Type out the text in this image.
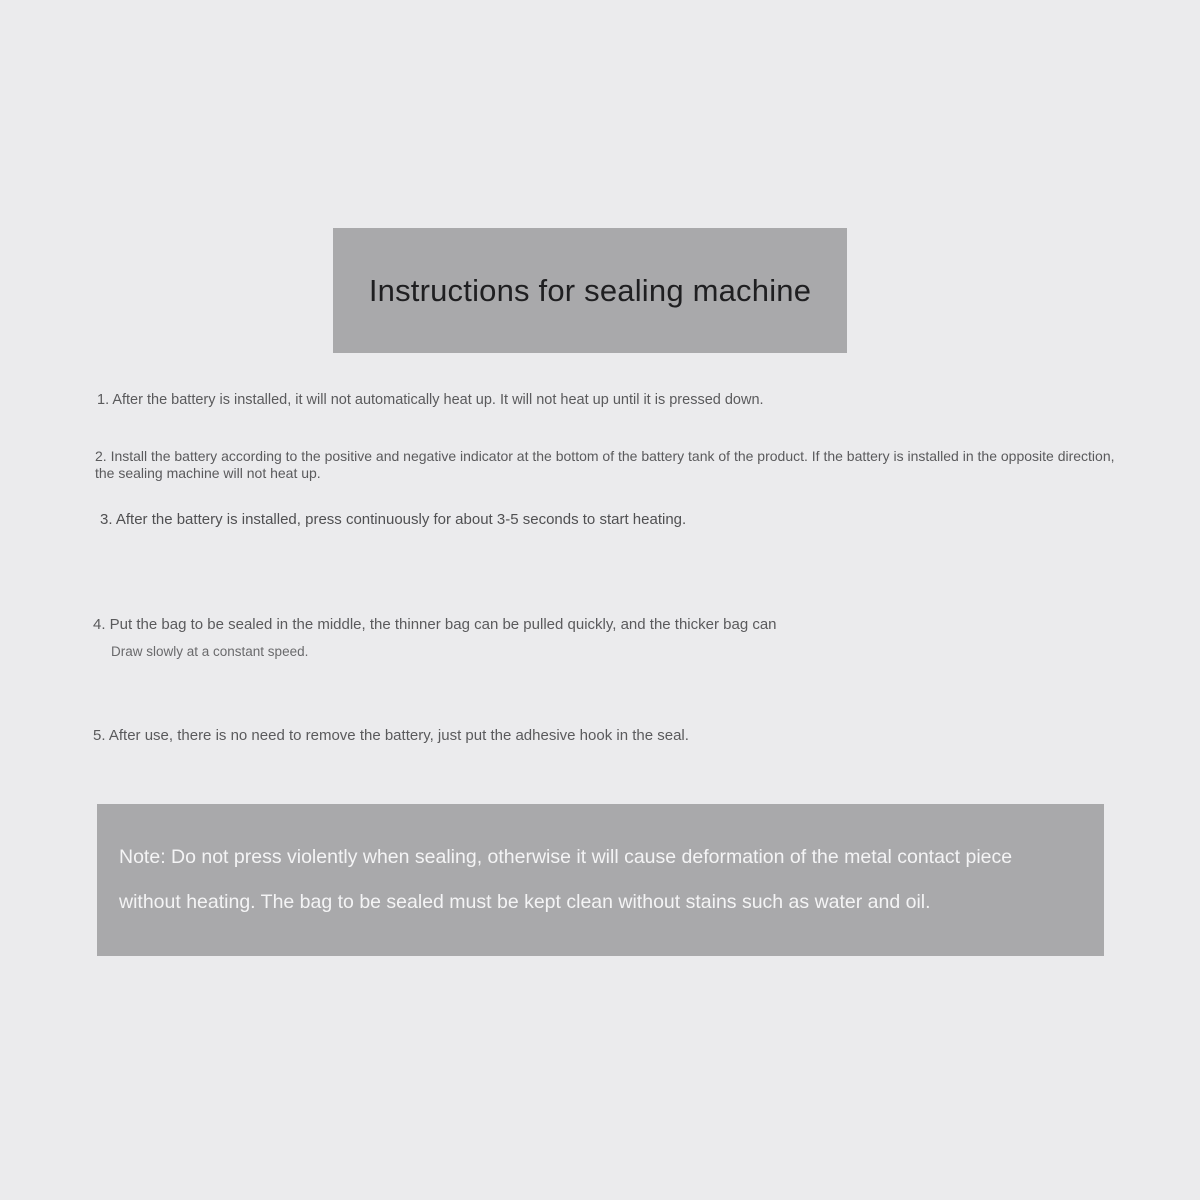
Instructions for sealing machine
1. After the battery is installed, it will not automatically heat up. It will not heat up until it is pressed down.
2. Install the battery according to the positive and negative indicator at the bottom of the battery tank of the product. If the battery is installed in the opposite direction, the sealing machine will not heat up.
3. After the battery is installed, press continuously for about 3-5 seconds to start heating.
4. Put the bag to be sealed in the middle, the thinner bag can be pulled quickly, and the thicker bag can
Draw slowly at a constant speed.
5. After use, there is no need to remove the battery, just put the adhesive hook in the seal.
Note: Do not press violently when sealing, otherwise it will cause deformation of the metal contact piece
without heating. The bag to be sealed must be kept clean without stains such as water and oil.
